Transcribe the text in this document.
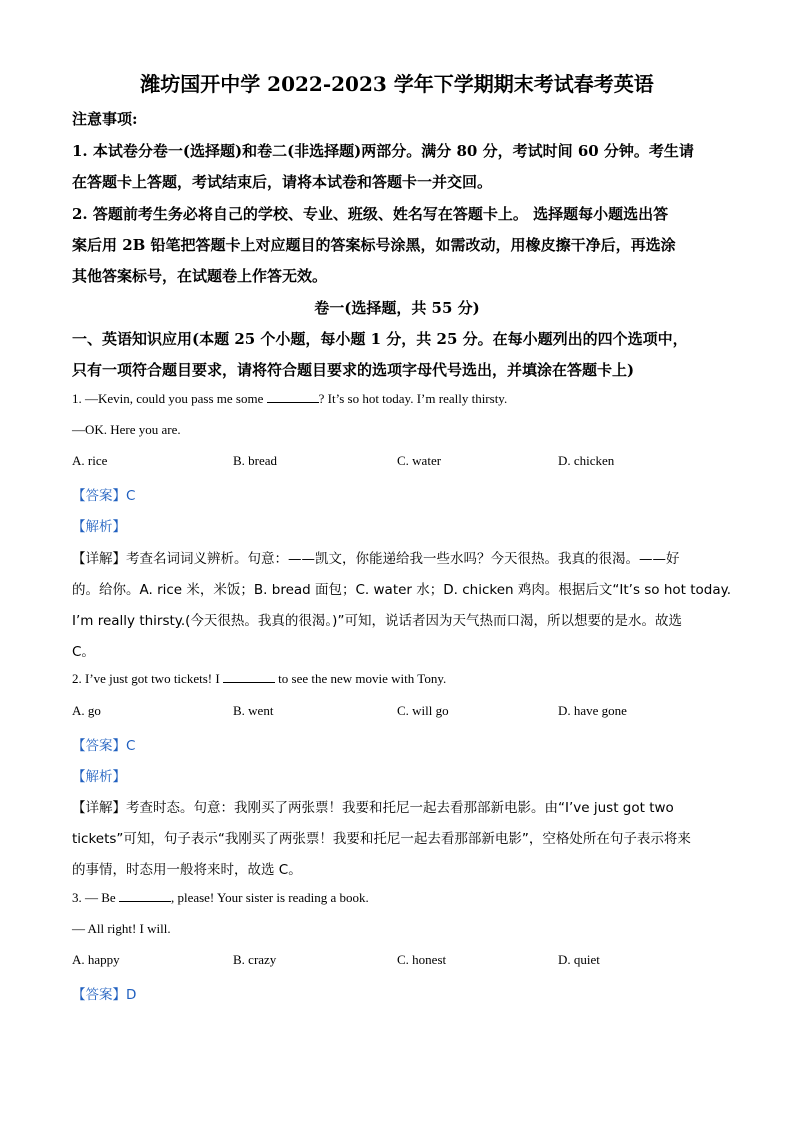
潍坊国开中学 2022-2023 学年下学期期末考试春考英语
注意事项:
1. 本试卷分卷一(选择题)和卷二(非选择题)两部分。满分 80 分，考试时间 60 分钟。考生请
在答题卡上答题，考试结束后，请将本试卷和答题卡一并交回。
2. 答题前考生务必将自己的学校、专业、班级、姓名写在答题卡上。 选择题每小题选出答
案后用 2B 铅笔把答题卡上对应题目的答案标号涂黑，如需改动，用橡皮擦干净后，再选涂
其他答案标号，在试题卷上作答无效。
卷一(选择题，共 55 分)
一、英语知识应用(本题 25 个小题，每小题 1 分，共 25 分。在每小题列出的四个选项中，
只有一项符合题目要求，请将符合题目要求的选项字母代号选出，并填涂在答题卡上)
1. —Kevin, could you pass me some	? It’s so hot today. I’m really thirsty.
—OK. Here you are.
A. rice	B. bread	C. water	D. chicken
【答案】C
【解析】
【详解】考查名词词义辨析。句意：——凯文，你能递给我一些水吗？今天很热。我真的很渴。——好
的。给你。A. rice 米，米饭；B. bread 面包；C. water 水；D. chicken 鸡肉。根据后文“It’s so hot today.
I’m really thirsty.(今天很热。我真的很渴。)”可知，说话者因为天气热而口渴，所以想要的是水。故选
C。
2. I’ve just got two tickets! I	to see the new movie with Tony.
A. go	B. went	C. will go	D. have gone
【答案】C
【解析】
【详解】考查时态。句意：我刚买了两张票！我要和托尼一起去看那部新电影。由“I’ve just got two
tickets”可知，句子表示“我刚买了两张票！我要和托尼一起去看那部新电影”，空格处所在句子表示将来
的事情，时态用一般将来时，故选 C。
3. — Be	, please! Your sister is reading a book.
— All right! I will.
A. happy	B. crazy	C. honest	D. quiet
【答案】D
